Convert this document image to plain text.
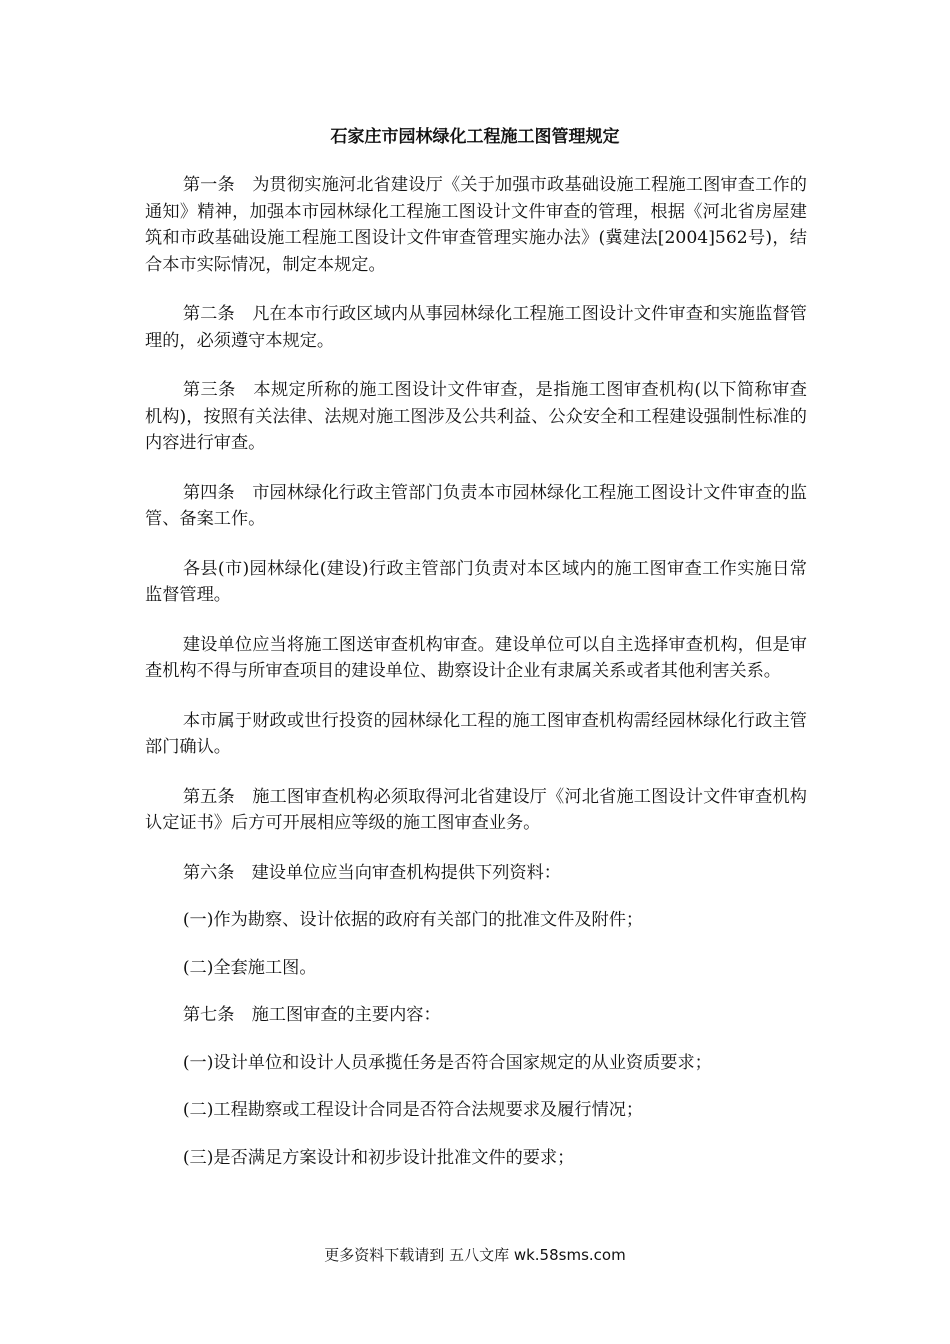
石家庄市园林绿化工程施工图管理规定

第一条　为贯彻实施河北省建设厅《关于加强市政基础设施工程施工图审查工作的通知》精神，加强本市园林绿化工程施工图设计文件审查的管理，根据《河北省房屋建筑和市政基础设施工程施工图设计文件审查管理实施办法》(冀建法[2004]562号)，结合本市实际情况，制定本规定。

第二条　凡在本市行政区域内从事园林绿化工程施工图设计文件审查和实施监督管理的，必须遵守本规定。

第三条　本规定所称的施工图设计文件审查，是指施工图审查机构(以下简称审查机构)，按照有关法律、法规对施工图涉及公共利益、公众安全和工程建设强制性标准的内容进行审查。

第四条　市园林绿化行政主管部门负责本市园林绿化工程施工图设计文件审查的监管、备案工作。

各县(市)园林绿化(建设)行政主管部门负责对本区域内的施工图审查工作实施日常监督管理。

建设单位应当将施工图送审查机构审查。建设单位可以自主选择审查机构，但是审查机构不得与所审查项目的建设单位、勘察设计企业有隶属关系或者其他利害关系。

本市属于财政或世行投资的园林绿化工程的施工图审查机构需经园林绿化行政主管部门确认。

第五条　施工图审查机构必须取得河北省建设厅《河北省施工图设计文件审查机构认定证书》后方可开展相应等级的施工图审查业务。

第六条　建设单位应当向审查机构提供下列资料：

(一)作为勘察、设计依据的政府有关部门的批准文件及附件；

(二)全套施工图。

第七条　施工图审查的主要内容：

(一)设计单位和设计人员承揽任务是否符合国家规定的从业资质要求；

(二)工程勘察或工程设计合同是否符合法规要求及履行情况；

(三)是否满足方案设计和初步设计批准文件的要求；

更多资料下载请到 五八文库 wk.58sms.com
